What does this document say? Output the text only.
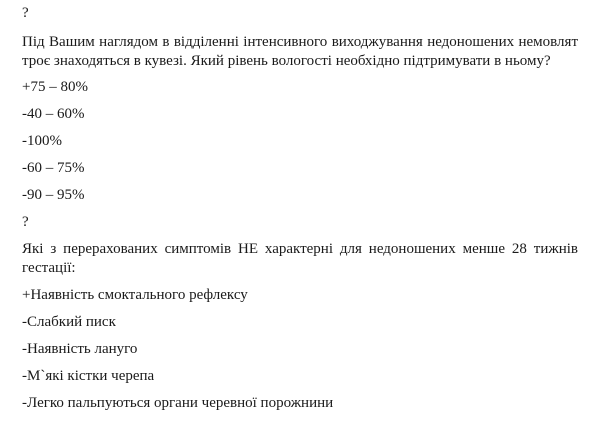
?
Під Вашим наглядом в відділенні інтенсивного виходжування недоношених немовлят троє знаходяться в кувезі. Який рівень вологості необхідно підтримувати в ньому?
+75 – 80%
-40 – 60%
-100%
-60 – 75%
-90 – 95%
?
Які з перерахованих симптомів НЕ характерні для недоношених менше 28 тижнів гестації:
+Наявність смоктального рефлексу
-Слабкий писк
-Наявність лануго
-М`які кістки черепа
-Легко пальпуються органи черевної порожнини
